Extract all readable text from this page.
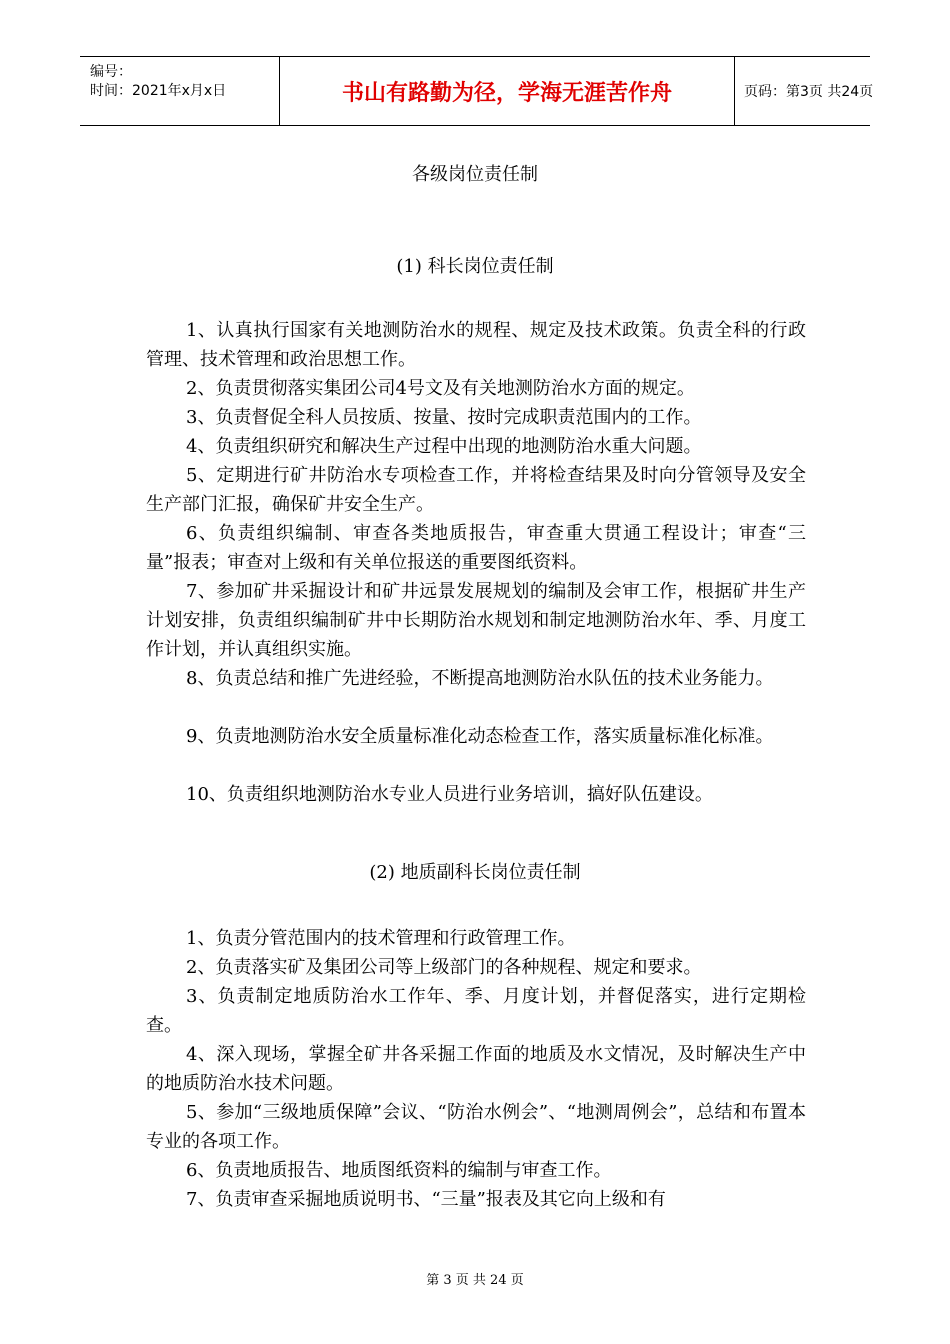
编号：
时间：2021年x月x日	书山有路勤为径，学海无涯苦作舟	页码：第3页 共24页
各级岗位责任制
(1) 科长岗位责任制

1、认真执行国家有关地测防治水的规程、规定及技术政策。负责全科的行政管理、技术管理和政治思想工作。

2、负责贯彻落实集团公司4号文及有关地测防治水方面的规定。

3、负责督促全科人员按质、按量、按时完成职责范围内的工作。

4、负责组织研究和解决生产过程中出现的地测防治水重大问题。

5、定期进行矿井防治水专项检查工作，并将检查结果及时向分管领导及安全生产部门汇报，确保矿井安全生产。

6、负责组织编制、审查各类地质报告，审查重大贯通工程设计；审查“三量”报表；审查对上级和有关单位报送的重要图纸资料。

7、参加矿井采掘设计和矿井远景发展规划的编制及会审工作，根据矿井生产计划安排，负责组织编制矿井中长期防治水规划和制定地测防治水年、季、月度工作计划，并认真组织实施。

8、负责总结和推广先进经验，不断提高地测防治水队伍的技术业务能力。

9、负责地测防治水安全质量标准化动态检查工作，落实质量标准化标准。

10、负责组织地测防治水专业人员进行业务培训，搞好队伍建设。

(2) 地质副科长岗位责任制

1、负责分管范围内的技术管理和行政管理工作。

2、负责落实矿及集团公司等上级部门的各种规程、规定和要求。

3、负责制定地质防治水工作年、季、月度计划，并督促落实，进行定期检查。

4、深入现场，掌握全矿井各采掘工作面的地质及水文情况，及时解决生产中的地质防治水技术问题。

5、参加“三级地质保障”会议、“防治水例会”、“地测周例会”，总结和布置本专业的各项工作。

6、负责地质报告、地质图纸资料的编制与审查工作。

7、负责审查采掘地质说明书、“三量”报表及其它向上级和有

第 3 页 共 24 页
